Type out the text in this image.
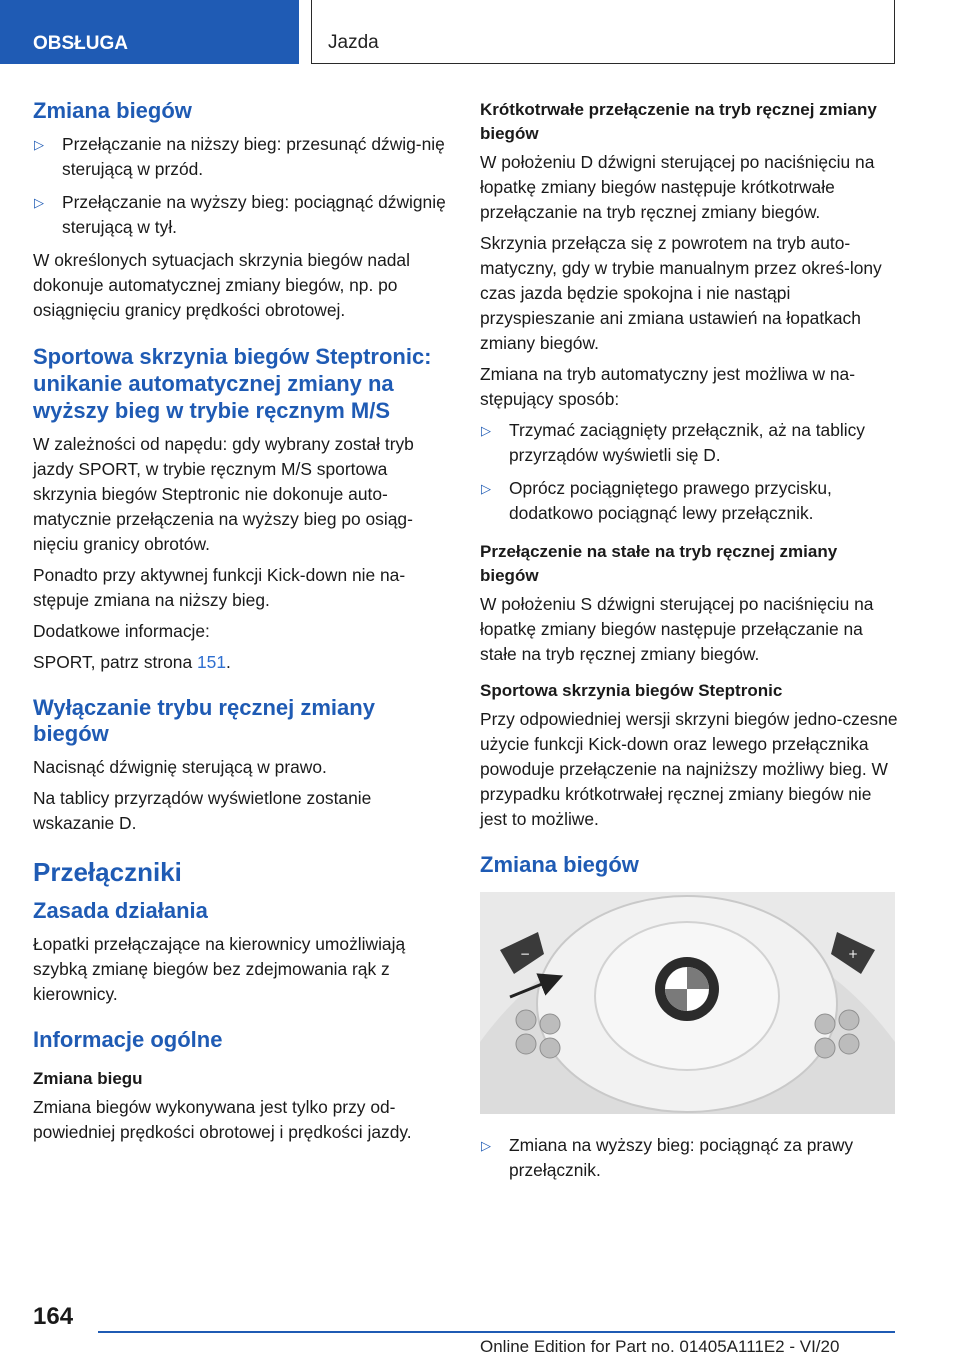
OBSŁUGA	Jazda
Zmiana biegów
▷ Przełączanie na niższy bieg: przesunąć dźwig-nię sterującą w przód.
▷ Przełączanie na wyższy bieg: pociągnąć dźwignię sterującą w tył.

W określonych sytuacjach skrzynia biegów nadal dokonuje automatycznej zmiany biegów, np. po osiągnięciu granicy prędkości obrotowej.

Sportowa skrzynia biegów Steptronic: unikanie automatycznej zmiany na wyższy bieg w trybie ręcznym M/S

W zależności od napędu: gdy wybrany został tryb jazdy SPORT, w trybie ręcznym M/S sportowa skrzynia biegów Steptronic nie dokonuje auto-matycznie przełączenia na wyższy bieg po osiąg-nięciu granicy obrotów.

Ponadto przy aktywnej funkcji Kick-down nie na-stępuje zmiana na niższy bieg.

Dodatkowe informacje:

SPORT, patrz strona 151.

Wyłączanie trybu ręcznej zmiany biegów

Nacisnąć dźwignię sterującą w prawo.

Na tablicy przyrządów wyświetlone zostanie wskazanie D.

Przełączniki
Zasada działania

Łopatki przełączające na kierownicy umożliwiają szybką zmianę biegów bez zdejmowania rąk z kierownicy.

Informacje ogólne
Zmiana biegu

Zmiana biegów wykonywana jest tylko przy od-powiedniej prędkości obrotowej i prędkości jazdy.

Krótkotrwałe przełączenie na tryb ręcznej zmiany biegów

W położeniu D dźwigni sterującej po naciśnięciu na łopatkę zmiany biegów następuje krótkotrwałe przełączanie na tryb ręcznej zmiany biegów.

Skrzynia przełącza się z powrotem na tryb auto-matyczny, gdy w trybie manualnym przez okreś-lony czas jazda będzie spokojna i nie nastąpi przyspieszanie ani zmiana ustawień na łopatkach zmiany biegów.

Zmiana na tryb automatyczny jest możliwa w na-stępujący sposób:

▷ Trzymać zaciągnięty przełącznik, aż na tablicy przyrządów wyświetli się D.
▷ Oprócz pociągniętego prawego przycisku, dodatkowo pociągnąć lewy przełącznik.
Przełączenie na stałe na tryb ręcznej zmiany biegów

W położeniu S dźwigni sterującej po naciśnięciu na łopatkę zmiany biegów następuje przełączanie na stałe na tryb ręcznej zmiany biegów.

Sportowa skrzynia biegów Steptronic

Przy odpowiedniej wersji skrzyni biegów jedno-czesne użycie funkcji Kick-down oraz lewego przełącznika powoduje przełączenie na najniższy możliwy bieg. W przypadku krótkotrwałej ręcznej zmiany biegów nie jest to możliwe.

Zmiana biegów
−	+
▷ Zmiana na wyższy bieg: pociągnąć za prawy przełącznik.
164
Online Edition for Part no. 01405A111E2 - VI/20
